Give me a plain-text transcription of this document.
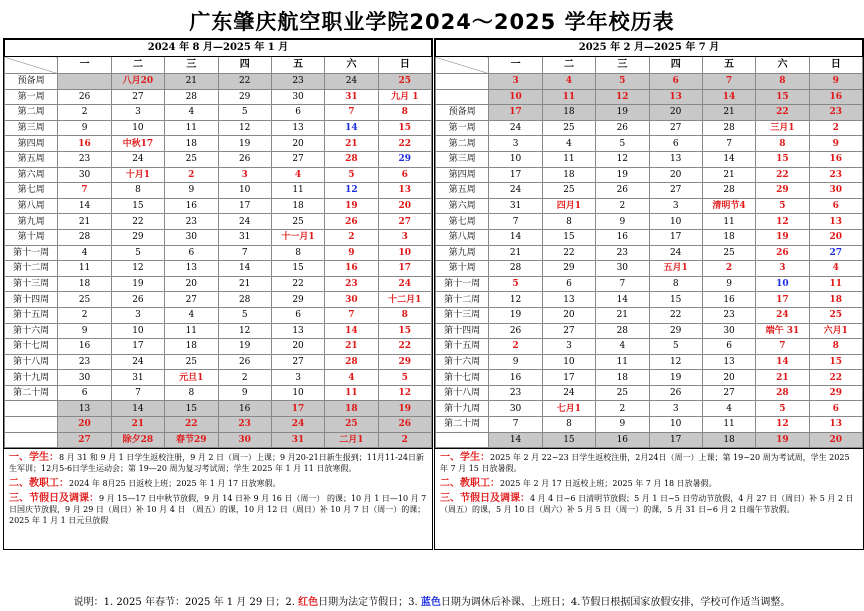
广东肇庆航空职业学院2024～2025 学年校历表
2024 年 8 月—2025 年 1 月							
	一	二	三	四	五	六	日
预备周		八月20	21	22	23	24	25
第一周	26	27	28	29	30	31	九月 1
第二周	2	3	4	5	6	7	8
第三周	9	10	11	12	13	14	15
第四周	16	中秋17	18	19	20	21	22
第五周	23	24	25	26	27	28	29
第六周	30	十月1	2	3	4	5	6
第七周	7	8	9	10	11	12	13
第八周	14	15	16	17	18	19	20
第九周	21	22	23	24	25	26	27
第十周	28	29	30	31	十一月1	2	3
第十一周	4	5	6	7	8	9	10
第十二周	11	12	13	14	15	16	17
第十三周	18	19	20	21	22	23	24
第十四周	25	26	27	28	29	30	十二月1
第十五周	2	3	4	5	6	7	8
第十六周	9	10	11	12	13	14	15
第十七周	16	17	18	19	20	21	22
第十八周	23	24	25	26	27	28	29
第十九周	30	31	元旦1	2	3	4	5
第二十周	6	7	8	9	10	11	12
	13	14	15	16	17	18	19
	20	21	22	23	24	25	26
	27	除夕28	春节29	30	31	二月1	2

一、学生：8 月 31 和 9 月 1 日学生返校注册，9 月 2 日（周一）上课；9 月20-21日新生报到；11月11-24日新生军训；12月5-6日学生运动会；第 19—20 周为复习考试周；学生 2025 年 1 月 11 日放寒假。

二、教职工：2024 年 8月25 日返校上班；2025 年 1 月 17 日放寒假。

三、节假日及调课：9 月 15—17 日中秋节放假，9 月 14 日补 9 月 16 日（周一） 的课；10 月 1 日—10 月 7 日国庆节放假，9 月 29 日（周日）补 10 月 4 日 （周五）的课，10 月 12 日（周日）补 10 月 7 日（周一）的课；2025 年 1 月 1 日元旦放假

2025 年 2 月—2025 年 7 月							
	一	二	三	四	五	六	日
	3	4	5	6	7	8	9
	10	11	12	13	14	15	16
预备周	17	18	19	20	21	22	23
第一周	24	25	26	27	28	三月1	2
第二周	3	4	5	6	7	8	9
第三周	10	11	12	13	14	15	16
第四周	17	18	19	20	21	22	23
第五周	24	25	26	27	28	29	30
第六周	31	四月1	2	3	清明节4	5	6
第七周	7	8	9	10	11	12	13
第八周	14	15	16	17	18	19	20
第九周	21	22	23	24	25	26	27
第十周	28	29	30	五月1	2	3	4
第十一周	5	6	7	8	9	10	11
第十二周	12	13	14	15	16	17	18
第十三周	19	20	21	22	23	24	25
第十四周	26	27	28	29	30	端午 31	六月1
第十五周	2	3	4	5	6	7	8
第十六周	9	10	11	12	13	14	15
第十七周	16	17	18	19	20	21	22
第十八周	23	24	25	26	27	28	29
第十九周	30	七月1	2	3	4	5	6
第二十周	7	8	9	10	11	12	13
	14	15	16	17	18	19	20

一、学生：2025 年 2 月 22~23 日学生返校注册，2月24日（周一）上课；第 19~20 周为考试周，学生 2025 年 7 月 15 日放暑假。

二、教职工：2025 年 2 月 17 日返校上班；2025 年 7 月 18 日放暑假。

三、节假日及调课：4 月 4 日~6 日清明节放假；5 月 1 日~5 日劳动节放假，4 月 27 日（周日）补 5 月 2 日（周五）的课，5 月 10 日（周六）补 5 月 5 日（周一）的课，5 月 31 日~6 月 2 日端午节放假。

说明：1. 2025 年春节：2025 年 1 月 29 日；2. 红色日期为法定节假日；3. 蓝色日期为调休后补课、上班日；4.节假日根据国家放假安排，学校可作适当调整。
